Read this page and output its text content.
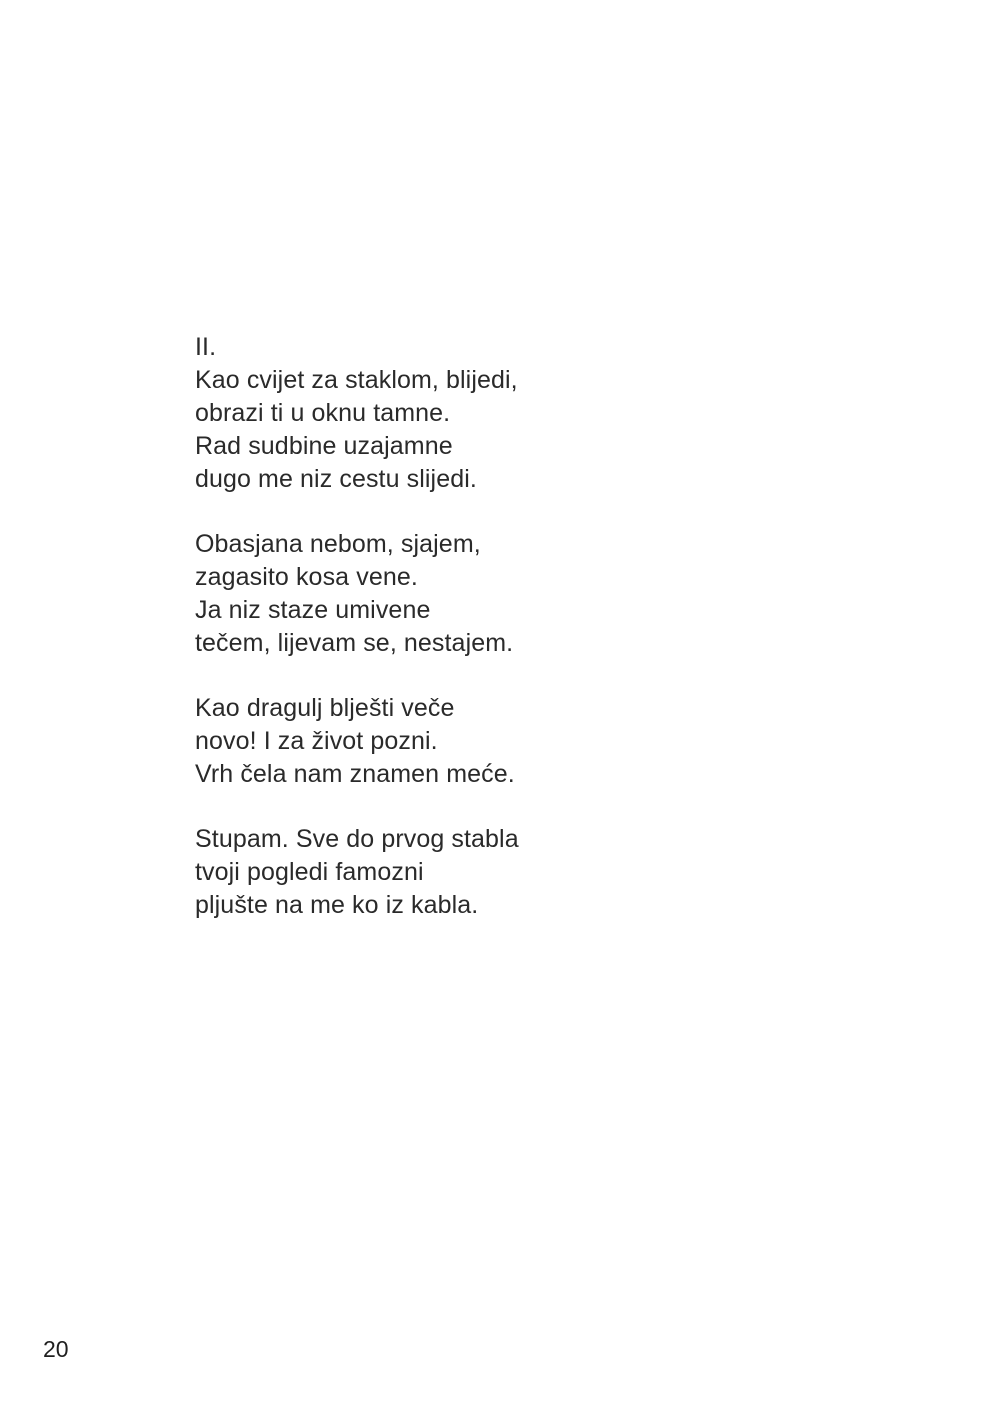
II.
Kao cvijet za staklom, blijedi,
obrazi ti u oknu tamne.
Rad sudbine uzajamne
dugo me niz cestu slijedi.
Obasjana nebom, sjajem,
zagasito kosa vene.
Ja niz staze umivene
tečem, lijevam se, nestajem.
Kao dragulj blješti veče
novo! I za život pozni.
Vrh čela nam znamen meće.
Stupam. Sve do prvog stabla
tvoji pogledi famozni
pljušte na me ko iz kabla.
20
